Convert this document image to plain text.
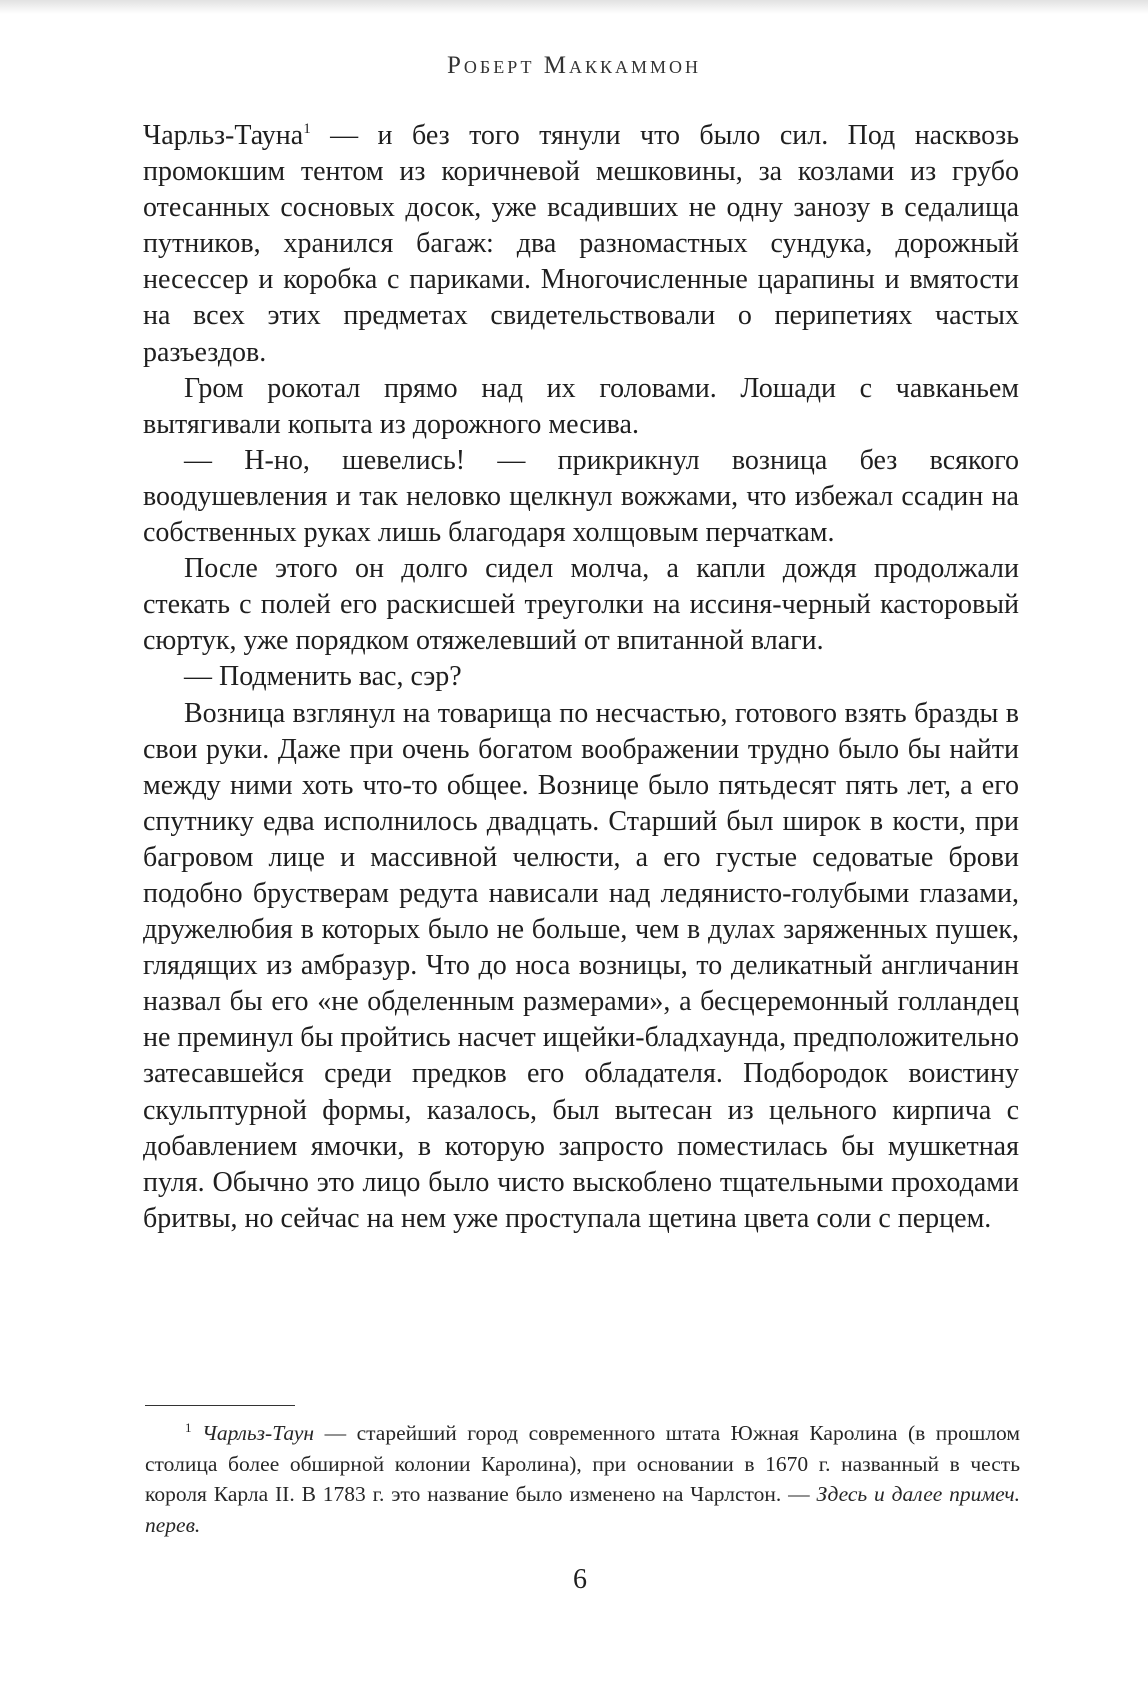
Роберт Маккаммон

Чарльз-Тауна$^1$ — и без того тянули что было сил. Под насквозь промокшим тентом из коричневой мешковины, за козлами из грубо отесанных сосновых досок, уже всадивших не одну занозу в седалища путников, хранился багаж: два разномастных сундука, дорожный несессер и коробка с париками. Многочисленные царапины и вмятости на всех этих предметах свидетельствовали о перипетиях частых разъездов.

Гром рокотал прямо над их головами. Лошади с чавканьем вытягивали копыта из дорожного месива.

— Н-но, шевелись! — прикрикнул возница без всякого воодушевления и так неловко щелкнул вожжами, что избежал ссадин на собственных руках лишь благодаря холщовым перчаткам.

После этого он долго сидел молча, а капли дождя продолжали стекать с полей его раскисшей треуголки на иссиня-черный касторовый сюртук, уже порядком отяжелевший от впитанной влаги.

— Подменить вас, сэр?

Возница взглянул на товарища по несчастью, готового взять бразды в свои руки. Даже при очень богатом воображении трудно было бы найти между ними хоть что-то общее. Вознице было пятьдесят пять лет, а его спутнику едва исполнилось двадцать. Старший был широк в кости, при багровом лице и массивной челюсти, а его густые седоватые брови подобно брустверам редута нависали над ледянисто-голубыми глазами, дружелюбия в которых было не больше, чем в дулах заряженных пушек, глядящих из амбразур. Что до носа возницы, то деликатный англичанин назвал бы его «не обделенным размерами», а бесцеремонный голландец не преминул бы пройтись насчет ищейки-бладхаунда, предположительно затесавшейся среди предков его обладателя. Подбородок воистину скульптурной формы, казалось, был вытесан из цельного кирпича с добавлением ямочки, в которую запросто поместилась бы мушкетная пуля. Обычно это лицо было чисто выскоблено тщательными проходами бритвы, но сейчас на нем уже проступала щетина цвета соли с перцем.

$^1$ Чарльз-Таун — старейший город современного штата Южная Каролина (в прошлом столица более обширной колонии Каролина), при основании в 1670 г. названный в честь короля Карла II. В 1783 г. это название было изменено на Чарлстон. — Здесь и далее примеч. перев.

6
